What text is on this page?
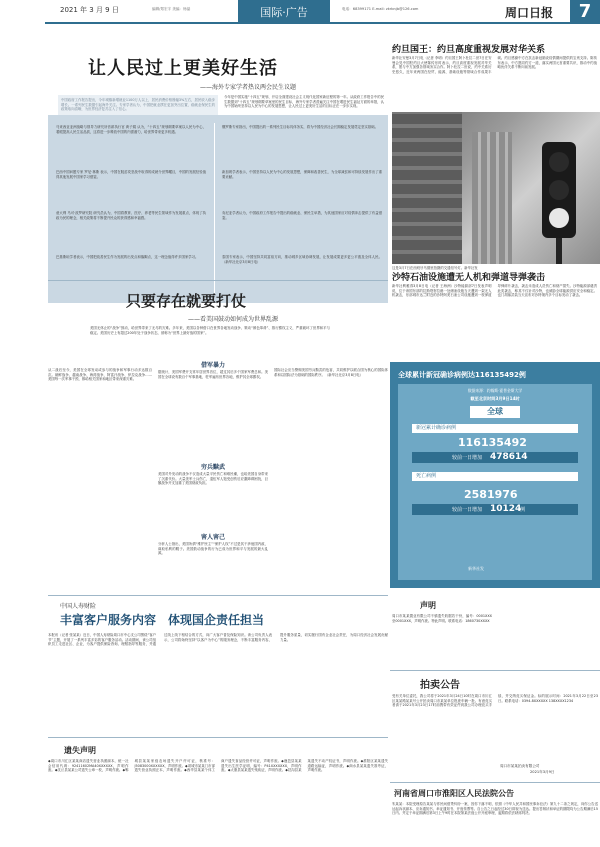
2021 年 3 月 9 日	编辑/郑宏宇 美编：杨晶	国际·广告	电话：68399171 E-mail: zkrbnjb@126.com	周口日报	7
让人民过上更美好生活
——海外专家学者热议两会民生议题
中国政府工作报告提出，今年城镇新增就业1100万人以上，居民消费价格涨幅3%左右，居民收入稳步增长。一系列民生数据引起海外关注。专家学者认为，中国把就业摆在更加突出位置，稳就业保民生的政策取向清晰，为世界经济复苏注入了信心。
今年是中国实施“十四五”规划、开启全面建设社会主义现代化国家新征程的第一年。从政府工作报告中的民生数据到“十四五”规划纲要草案里的民生目标，海外专家学者普遍关注中国在增进民生福祉方面的举措，认为中国始终坚持以人民为中心的发展思想，让人民过上更美好生活的目标正在一步步实现。
马来西亚亚洲战略与领导力研究所首席执行官 黄子娟 认为，“十四五”规划纲要草案以人民为中心，着眼提高人民生活品质，这将进一步释放中国的内需潜力，给世界带来更多机遇。
巴西中国问题专家 罗尼·林斯 表示，中国在脱贫攻坚战中取得的成就令世界瞩目，中国的发展经验值得其他发展中国家学习借鉴。
意大利 马可·波罗研究院 研究员认为，中国将教育、医疗、养老等民生领域作为发展重点，体现了执政为民的理念，相关政策将不断提升民众的获得感和幸福感。
巴基斯坦学者表示，中国把改善民生作为发展的出发点和落脚点，这一理念值得许多国家学习。
俄罗斯专家指出，中国提出的一系列民生目标具体务实，将为中国经济社会长期稳定发展奠定坚实基础。
新加坡学者表示，中国坚持以人民为中心的发展思想，保障和改善民生，为全球减贫和可持续发展作出了重要贡献。
肯尼亚学者认为，中国政府工作报告中提出的稳就业、保民生举措，为其他国家应对疫情冲击提供了有益借鉴。
泰国专家表示，中国坚持共同富裕方向，推动城乡区域协调发展，让发展成果更多更公平惠及全体人民。（新华社北京3月8日电）
约旦国王：约旦高度重视发展对华关系
新华社安曼3月7日电（记者 李明）约旦国王阿卜杜拉二世7日在安曼会见中国驻约旦大使陈传东时表示，约旦高度重视发展对华关系，愿与中方加强各领域务实合作。阿卜杜拉二世说，约中关系历史悠久，近年来两国在经贸、能源、基础设施等领域合作成果丰硕。约旦感谢中方在抗击新冠肺炎疫情期间提供的宝贵支持。陈传东表示，中方愿同约方一道，落实两国元首重要共识，推动中约战略伙伴关系不断向前发展。
这是3月7日在西班牙马德里拍摄的交通信号灯。新华社发
只要存在就要打仗
——看美国鼓动如何成为世界乱源
美国无休止的“战争”鼓动，给世界带来了无尽的灾难。多年来，美国以各种借口在世界各地发动战争、策动“颜色革命”、推行霸权主义，严重破坏了世界和平与稳定。美国历史上有超过200年处于战争状态，被称为“世界上最好战的国家”。
从二战后至今，美国在全球发动或参与的战争和军事行动多达数百次。朝鲜战争、越南战争、海湾战争、阿富汗战争、伊拉克战争……美国每一次军事干预，都给相关国家和地区带来深重灾难。
借军暴力
据统计，美国军费开支常年居世界首位，超过其后多个国家军费总和。美国在全球设有数百个军事基地，驻军遍布世界各地，维护其全球霸权。
穷兵黩武
美国对外发动的战争不仅造成大量平民伤亡和难民潮，也给美国自身带来了沉重代价。大量美军士兵伤亡，退伍军人饱受创伤后应激障碍困扰，巨额战争开支加重了美国财政负担。
害人害己
分析人士指出，美国所谓“维护民主”“保护人权”不过是其干涉他国内政、谋取私利的幌子。美国鼓动战争的行为已成为世界和平与发展的最大乱源。
国际社会应当警惕美国穷兵黩武的危害，共同维护以联合国为核心的国际体系和以国际法为基础的国际秩序。（新华社北京3月8日电）
沙特石油设施遭无人机和弹道导弹袭击
新华社利雅得3月8日电（记者 王海洲）沙特能源部7日发表声明说，位于该国东部的拉斯塔努拉港一处储油设施当天遭到一架无人机袭击，东部城市达兰附近的沙特阿美石油公司设施遭到一枚弹道导弹碎片袭击，袭击未造成人员伤亡和财产损失。沙特能源部谴责此类袭击，称其不仅针对沙特，也威胁全球能源供应安全和稳定。也门胡塞武装当天宣布对沙特境内多个目标发动了袭击。
全球累计新冠确诊病例达116135492例
数据来源：约翰斯·霍普金斯大学
截至北京时间3月9日14时
全球
新冠累计确诊病例
116135492
较前一日增加 478614
死亡病例
2581976
较前一日增加 10124
例
新华社发
中国人寿财险
丰富客户服务内容　体现国企责任担当
本报讯（记者 张某某）近日，中国人寿财险周口市中心支公司围绕“客户节”主题，开展了一系列丰富多彩的客户服务活动。活动期间，该公司组织员工走进社区、企业，为客户提供保险咨询、理赔指导等服务，并通过线上线下相结合的方式，向广大客户普及保险知识。该公司负责人表示，公司将始终坚持“以客户为中心”的服务理念，不断丰富服务内容，提升服务质量，切实履行国有企业社会责任，为周口经济社会发展贡献力量。
遗失声明
◆周口市川汇区某某商店遗失营业执照副本，统一社会信用代码：92411602MA40XXXXXX，声明作废。◆沈丘县某某公司遗失公章一枚，声明作废。◆郸城县某某家庭农场遗失开户许可证，核准号：J5083000XXXXXX，声明作废。◆项城市某某门市部遗失营业执照正本，声明作废。◆西华县某某个体工商户遗失食品经营许可证，声明作废。◆鹿邑县某某遗失出生医学证明，编号：P41XXXXXXX，声明作废。◆太康县某某遗失残疾证，声明作废。◆扶沟县某某遗失不动产权证书，声明作废。◆淮阳区某某遗失道路运输证，声明作废。◆商水县某某遗失准考证，声明作废。
声明
周口市某某置业有限公司不慎遗失收据若干份，编号：0001XXX至0001XXX，声明作废。特此声明。联系电话：1860730XXXX
拍卖公告
受有关单位委托，我公司将于2021年3月24日10时在周口市川汇区某某路某某号公开拍卖周口市某某单位报废车辆一批。有意竞买者请于2021年3月23日17时前携带有效证件到我公司办理竞买手续，并交纳竞买保证金。标的展示时间：2021年3月22日至23日。联系电话：0394-8XXXXXX 138XXXX1234
周口市某某拍卖有限公司
2021年3月9日
河南省周口市淮阳区人民法院公告
朱某某：本院受理原告某某与你民间借贷纠纷一案，因你下落不明，依照《中华人民共和国民事诉讼法》第九十二条之规定，向你公告送达起诉状副本、应诉通知书、举证通知书、开庭传票等。自公告之日起经过30日即视为送达。提出答辩状和举证的期限均为公告期满后15日内。并定于举证期满后第3日上午9时在本院第某法庭公开开庭审理，逾期将依法缺席判决。
